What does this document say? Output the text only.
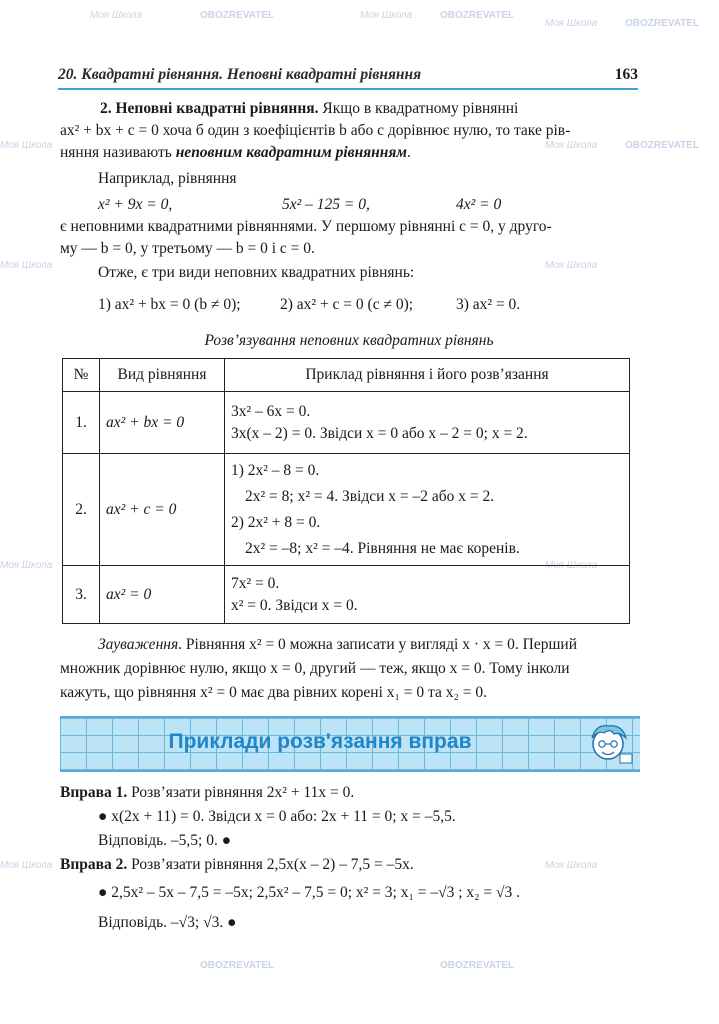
Моя Школа	OBOZREVATEL	Моя Школа	OBOZREVATEL
Моя Школа	OBOZREVATEL
Моя Школа	Моя Школа	OBOZREVATEL
Моя Школа	Моя Школа
Моя Школа	Моя Школа
Моя Школа	Моя Школа
OBOZREVATEL	OBOZREVATEL
20. Квадратні рівняння. Неповні квадратні рівняння	163
2. Неповні квадратні рівняння. Якщо в квадратному рівнянні
ax² + bx + c = 0 хоча б один з коефіцієнтів b або c дорівнює нулю, то таке рів-
няння називають неповним квадратним рівнянням.
Наприклад, рівняння
x² + 9x = 0,	5x² – 125 = 0,	4x² = 0
є неповними квадратними рівняннями. У першому рівнянні c = 0, у друго-
му — b = 0, у третьому — b = 0 і c = 0.
Отже, є три види неповних квадратних рівнянь:
1) ax² + bx = 0 (b ≠ 0);	2) ax² + c = 0 (c ≠ 0);	3) ax² = 0.
Розв’язування неповних квадратних рівнянь
№	Вид рівняння	Приклад рівняння і його розв’язання
1.	ax² + bx = 0	3x² – 6x = 0.
3x(x – 2) = 0. Звідси x = 0 або x – 2 = 0; x = 2.

2.	ax² + c = 0	1) 2x² – 8 = 0.
2x² = 8; x² = 4. Звідси x = –2 або x = 2.
2) 2x² + 8 = 0.
2x² = –8; x² = –4. Рівняння не має коренів.

3.	ax² = 0	7x² = 0.
x² = 0. Звідси x = 0.
Зауваження. Рівняння x² = 0 можна записати у вигляді x · x = 0. Перший
множник дорівнює нулю, якщо x = 0, другий — теж, якщо x = 0. Тому інколи
кажуть, що рівняння x² = 0 має два рівних корені x₁ = 0 та x₂ = 0.
Приклади розв'язання вправ
Вправа 1. Розв’язати рівняння 2x² + 11x = 0.
● x(2x + 11) = 0. Звідси x = 0 або: 2x + 11 = 0; x = –5,5.
Відповідь. –5,5; 0. ●
Вправа 2. Розв’язати рівняння 2,5x(x – 2) – 7,5 = –5x.
● 2,5x² – 5x – 7,5 = –5x; 2,5x² – 7,5 = 0; x² = 3; x₁ = –√3 ; x₂ = √3 .
Відповідь. –√3; √3. ●
